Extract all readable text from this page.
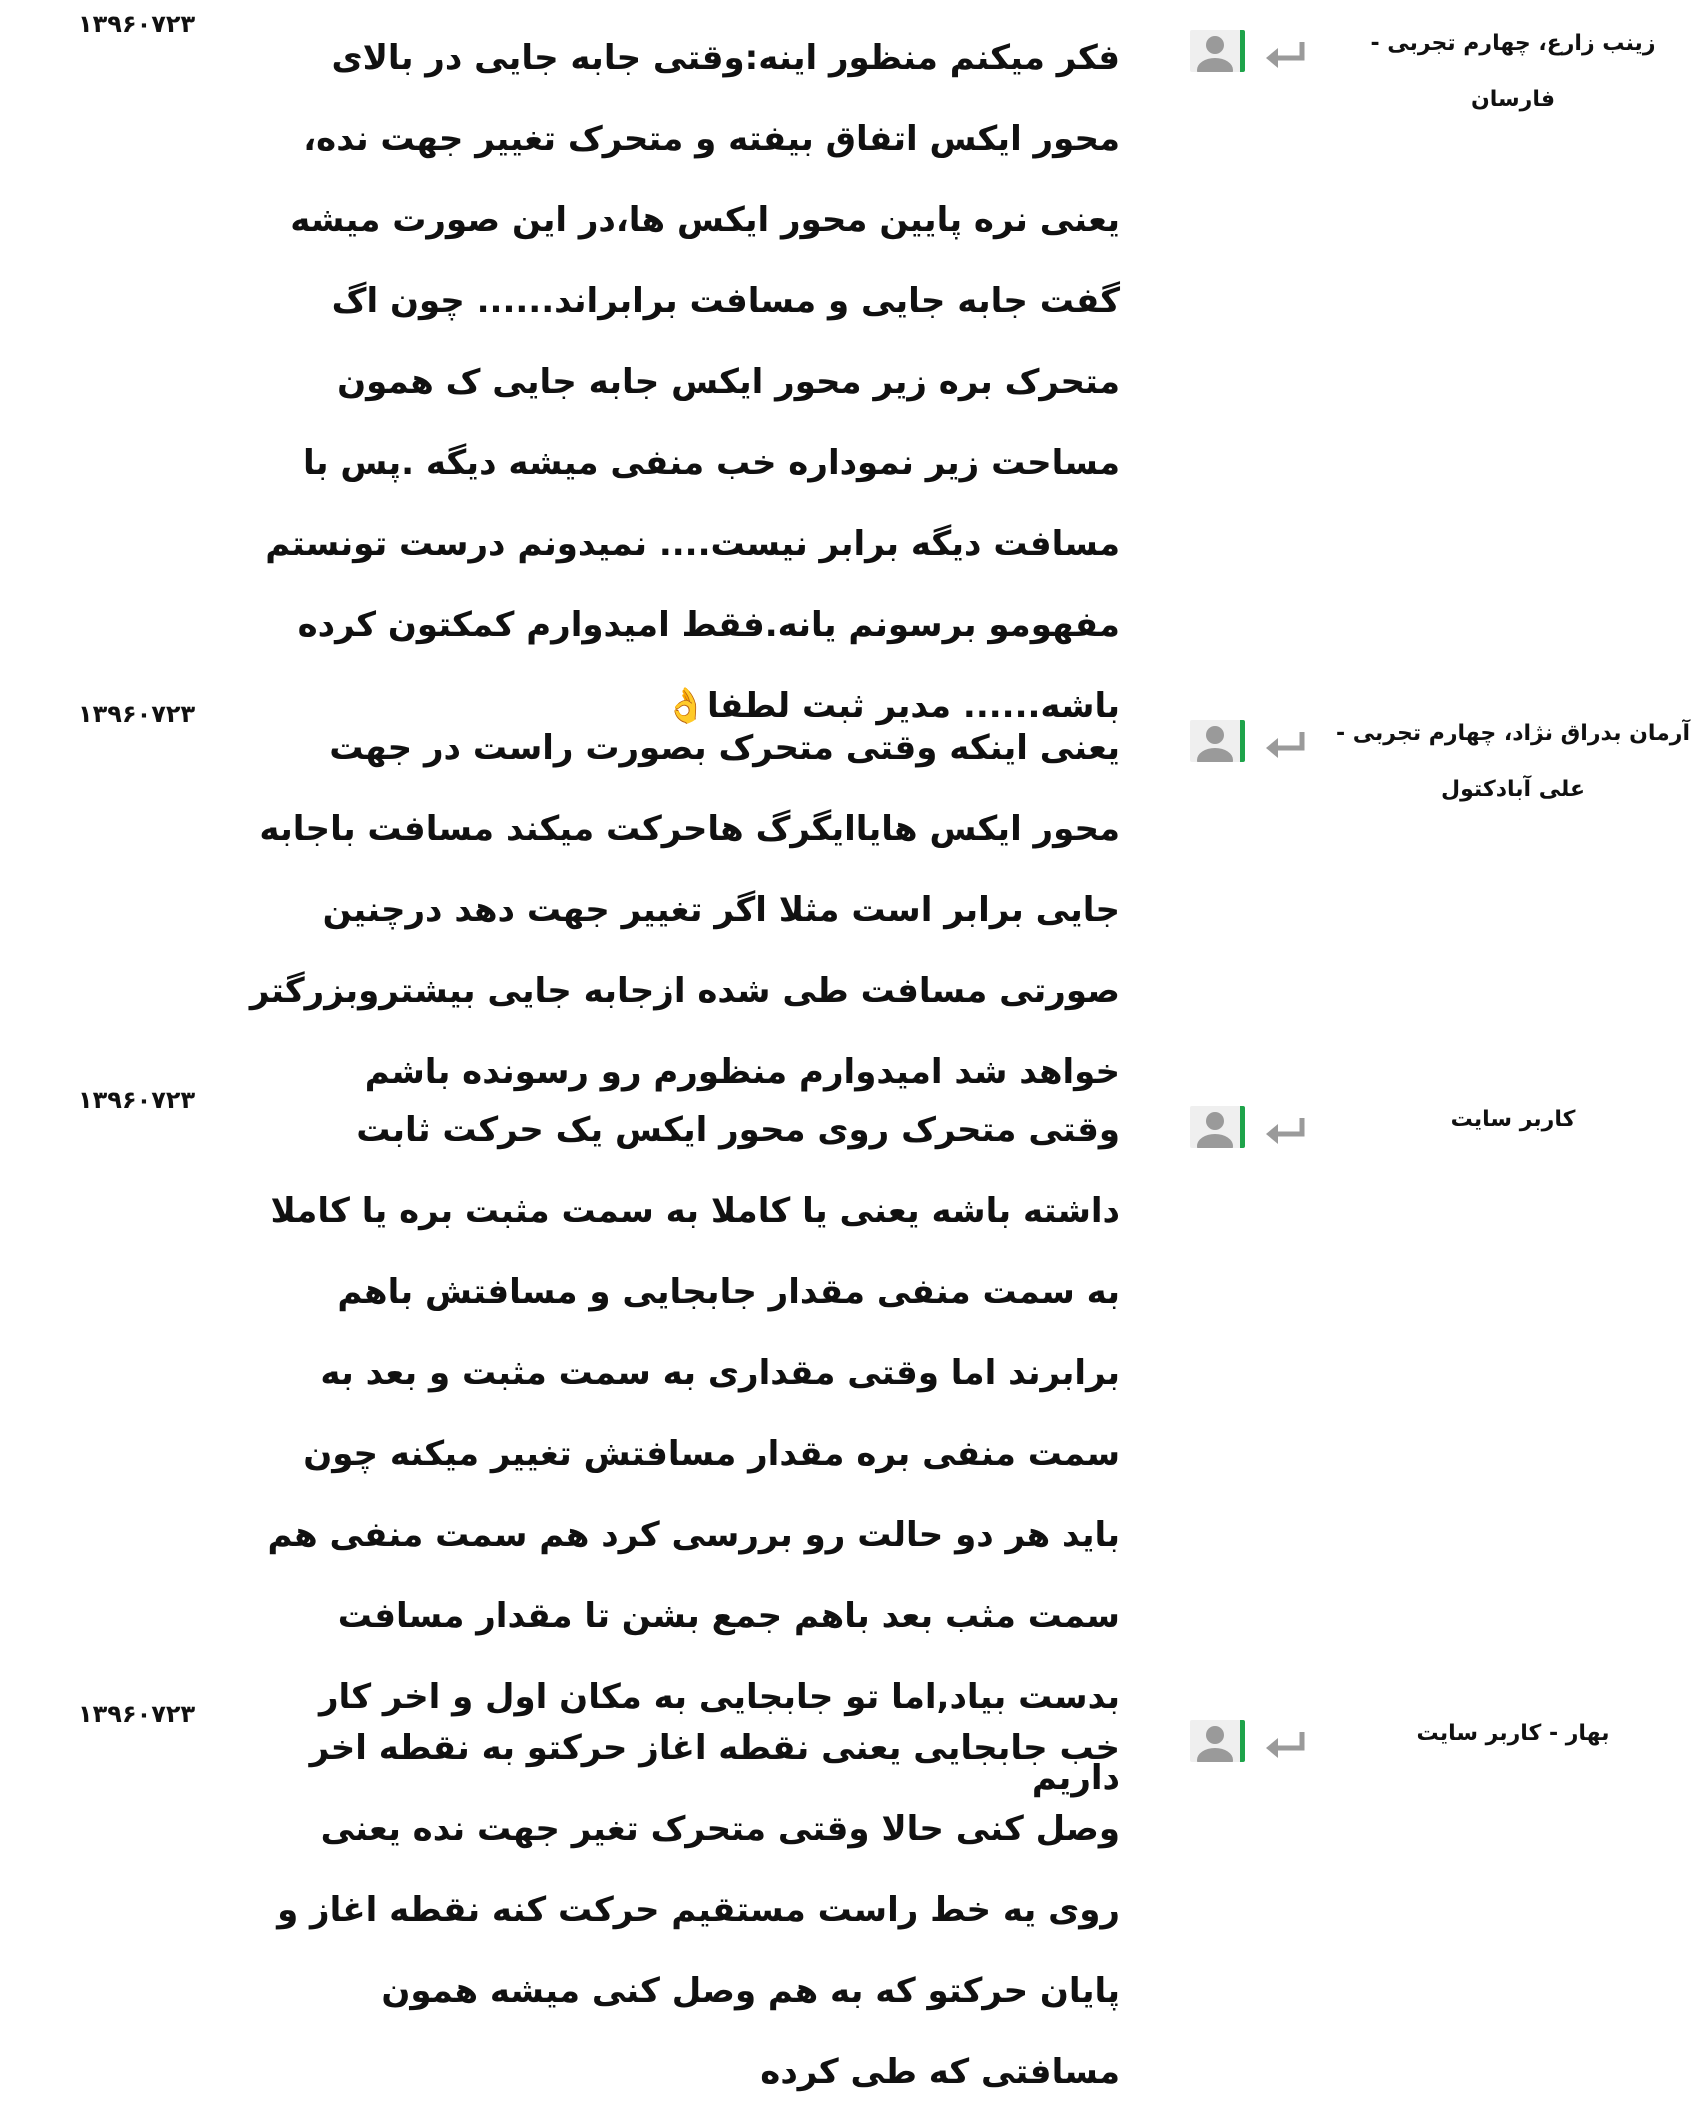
۱۳۹۶۰۷۲۳
فکر میکنم منظور اینه:وقتی جابه جایی در بالای محور ایکس اتفاق بیفته و متحرک تغییر جهت نده، یعنی نره پایین محور ایکس ها،در این صورت میشه گفت جابه جایی و مسافت برابراند...... چون اگ متحرک بره زیر محور ایکس جابه جایی ک همون مساحت زیر نموداره خب منفی میشه دیگه .پس با مسافت دیگه برابر نیست.... نمیدونم درست تونستم مفهومو برسونم یانه.فقط امیدوارم کمکتون کرده باشه...... مدیر ثبت لطفا👌
زینب زارع، چهارم تجربی -
فارسان
۱۳۹۶۰۷۲۳
یعنی اینکه وقتی متحرک بصورت راست در جهت محور ایکس هایاایگرگ هاحرکت میکند مسافت باجابه جایی برابر است مثلا اگر تغییر جهت دهد درچنین صورتی مسافت طی شده ازجابه جایی بیشتروبزرگتر خواهد شد امیدوارم منظورم رو رسونده باشم
آرمان بدراق نژاد، چهارم تجربی -
علی آبادکتول
۱۳۹۶۰۷۲۳
وقتی متحرک روی محور ایکس یک حرکت ثابت داشته باشه یعنی یا کاملا به سمت مثبت بره یا کاملا به سمت منفی مقدار جابجایی و مسافتش باهم برابرند اما وقتی مقداری به سمت مثبت و بعد به سمت منفی بره مقدار مسافتش تغییر میکنه چون باید هر دو حالت رو بررسی کرد هم سمت منفی هم سمت مثب بعد باهم جمع بشن تا مقدار مسافت بدست بیاد,اما تو جابجایی به مکان اول و اخر کار داریم
کاربر سایت
۱۳۹۶۰۷۲۳
خب جابجایی یعنی نقطه اغاز حرکتو به نقطه اخر وصل کنی حالا وقتی متحرک تغیر جهت نده یعنی روی یه خط راست مستقیم حرکت کنه نقطه اغاز و پایان حرکتو که به هم وصل کنی میشه همون مسافتی که طی کرده
بهار - کاربر سایت
